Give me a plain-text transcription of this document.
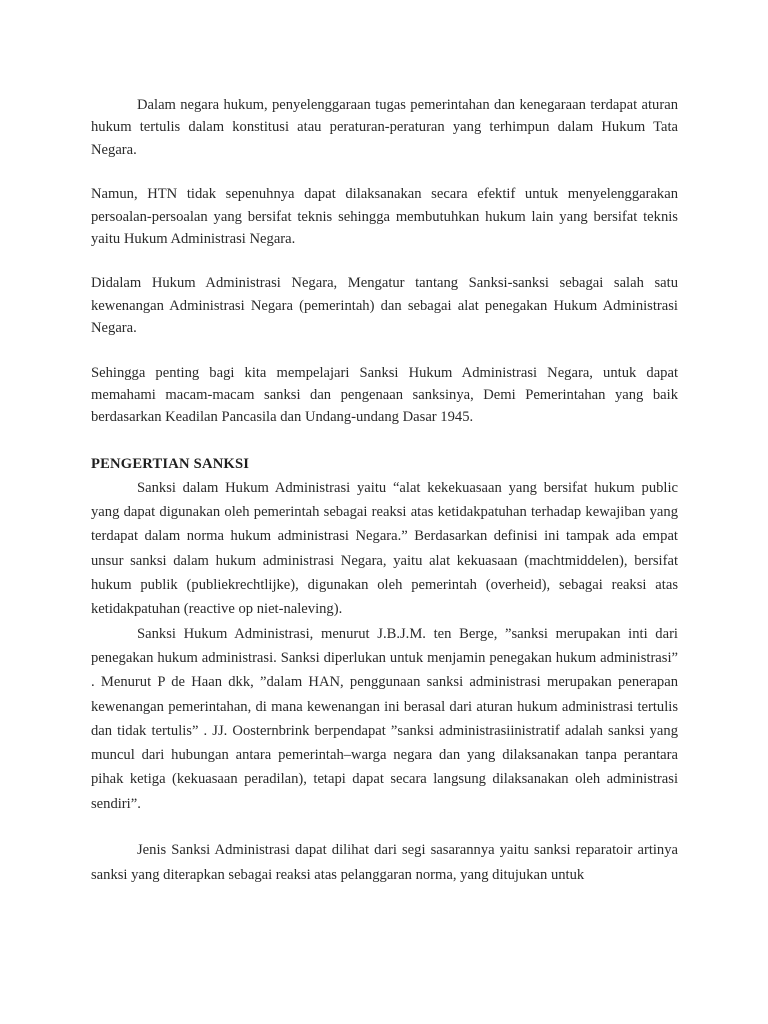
Dalam negara hukum, penyelenggaraan tugas pemerintahan dan kenegaraan terdapat aturan hukum tertulis dalam konstitusi atau peraturan-peraturan yang terhimpun dalam Hukum Tata Negara.

Namun, HTN tidak sepenuhnya dapat dilaksanakan secara efektif untuk menyelenggarakan persoalan-persoalan yang bersifat teknis sehingga membutuhkan hukum lain yang bersifat teknis yaitu Hukum Administrasi Negara.

Didalam Hukum Administrasi Negara, Mengatur tantang Sanksi-sanksi sebagai salah satu kewenangan Administrasi Negara (pemerintah) dan sebagai alat penegakan Hukum Administrasi Negara.

Sehingga penting bagi kita mempelajari Sanksi Hukum Administrasi Negara, untuk dapat memahami macam-macam sanksi dan pengenaan sanksinya, Demi Pemerintahan yang baik berdasarkan Keadilan Pancasila dan Undang-undang Dasar 1945.

PENGERTIAN SANKSI

Sanksi dalam Hukum Administrasi yaitu “alat kekekuasaan yang bersifat hukum public yang dapat digunakan oleh pemerintah sebagai reaksi atas ketidakpatuhan terhadap kewajiban yang terdapat dalam norma hukum administrasi Negara.” Berdasarkan definisi ini tampak ada empat unsur sanksi dalam hukum administrasi Negara, yaitu alat kekuasaan (machtmiddelen), bersifat hukum publik (publiekrechtlijke), digunakan oleh pemerintah (overheid), sebagai reaksi atas ketidakpatuhan (reactive op niet-naleving).

Sanksi Hukum Administrasi, menurut J.B.J.M. ten Berge, ”sanksi merupakan inti dari penegakan hukum administrasi. Sanksi diperlukan untuk menjamin penegakan hukum administrasi” . Menurut P de Haan dkk, ”dalam HAN, penggunaan sanksi administrasi merupakan penerapan kewenangan pemerintahan, di mana kewenangan ini berasal dari aturan hukum administrasi tertulis dan tidak tertulis” . JJ. Oosternbrink berpendapat ”sanksi administrasiinistratif adalah sanksi yang muncul dari hubungan antara pemerintah–warga negara dan yang dilaksanakan tanpa perantara pihak ketiga (kekuasaan peradilan), tetapi dapat secara langsung dilaksanakan oleh administrasi sendiri”.

Jenis Sanksi Administrasi dapat dilihat dari segi sasarannya yaitu sanksi reparatoir artinya sanksi yang diterapkan sebagai reaksi atas pelanggaran norma, yang ditujukan untuk
